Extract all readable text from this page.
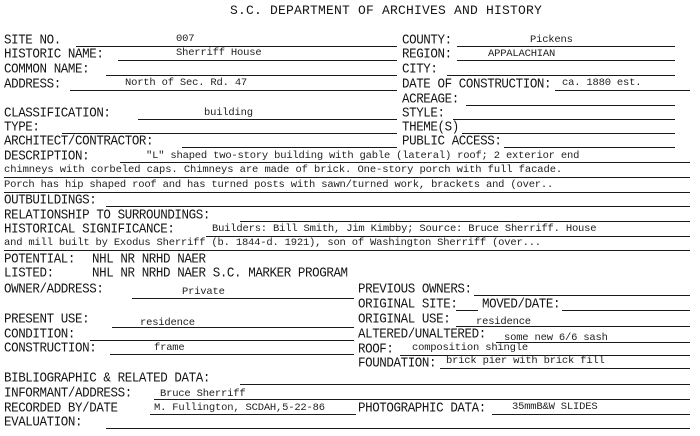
S.C. DEPARTMENT OF ARCHIVES AND HISTORY
SITE NO.	007	COUNTY:	Pickens
HISTORIC NAME:	Sherriff House	REGION:	APPALACHIAN
COMMON NAME:	CITY:
ADDRESS:	North of Sec. Rd. 47	DATE OF CONSTRUCTION: ca. 1880 est.
ACREAGE:
CLASSIFICATION:	building	STYLE:
TYPE:	THEME(S)
ARCHITECT/CONTRACTOR:	PUBLIC ACCESS:
DESCRIPTION:	"L" shaped two-story building with gable (lateral) roof; 2 exterior end
chimneys with corbeled caps. Chimneys are made of brick. One-story porch with full facade.
Porch has hip shaped roof and has turned posts with sawn/turned work, brackets and (over..
OUTBUILDINGS:
RELATIONSHIP TO SURROUNDINGS:
HISTORICAL SIGNIFICANCE:	Builders: Bill Smith, Jim Kimbby; Source: Bruce Sherriff. House
and mill built by Exodus Sherriff (b. 1844-d. 1921), son of Washington Sherriff (over...
POTENTIAL: NHL NR NRHD NAER
LISTED:	NHL NR NRHD NAER S.C. MARKER PROGRAM
OWNER/ADDRESS:	Private	PREVIOUS OWNERS:
ORIGINAL SITE: MOVED/DATE:
PRESENT USE:	residence	ORIGINAL USE: residence
CONDITION:	ALTERED/UNALTERED: some new 6/6 sash
CONSTRUCTION:	frame	ROOF: composition shingle
FOUNDATION: brick pier with brick fill
BIBLIOGRAPHIC & RELATED DATA:
INFORMANT/ADDRESS:	Bruce Sherriff
RECORDED BY/DATE	M. Fullington, SCDAH,5-22-86	PHOTOGRAPHIC DATA: 35mmB&W SLIDES
EVALUATION:
